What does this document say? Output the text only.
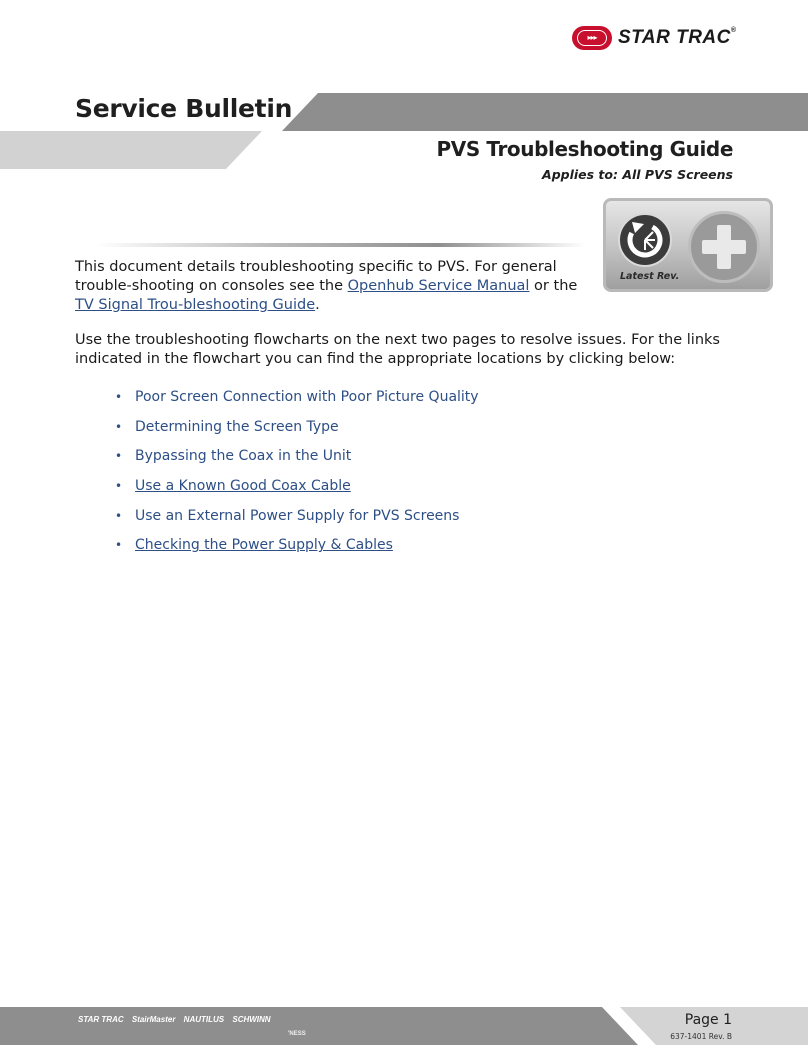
▸▸▸	STAR TRAC®
Service Bulletin
PVS Troubleshooting Guide
Applies to: All PVS Screens
Latest Rev.

This document details troubleshooting specific to PVS. For general trouble-shooting on consoles see the Openhub Service Manual or the TV Signal Trou-bleshooting Guide.

Use the troubleshooting flowcharts on the next two pages to resolve issues. For the links indicated in the flowchart you can find the appropriate locations by clicking below:

• Poor Screen Connection with Poor Picture Quality
• Determining the Screen Type
• Bypassing the Coax in the Unit
• Use a Known Good Coax Cable
• Use an External Power Supply for PVS Screens
• Checking the Power Supply & Cables
STAR TRAC StairMaster NAUTILUS SCHWINN
'NESS
Page 1
637-1401 Rev. B
